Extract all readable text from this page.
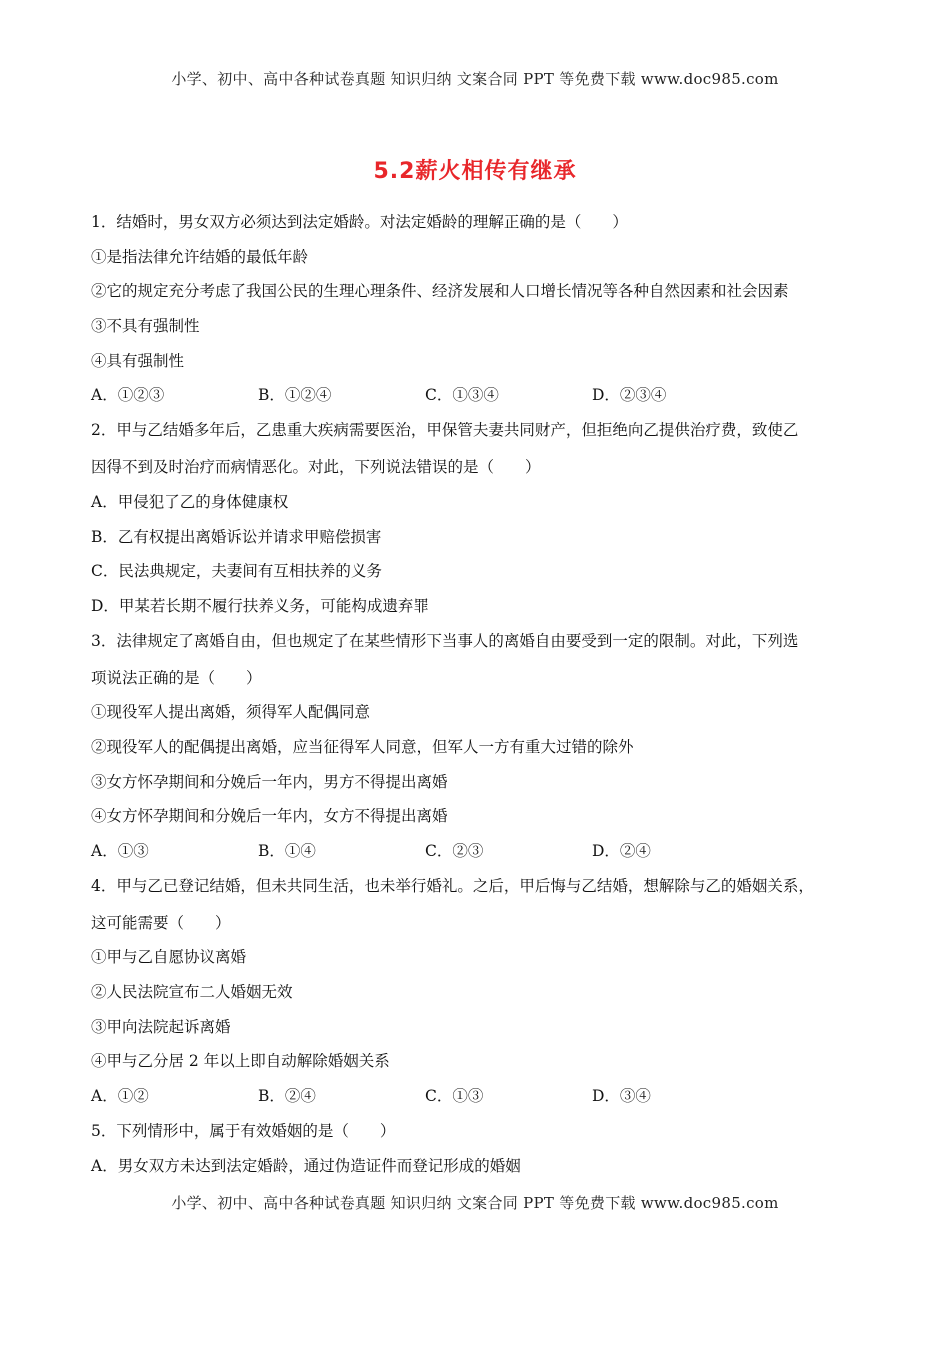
小学、初中、高中各种试卷真题 知识归纳 文案合同 PPT 等免费下载 www.doc985.com
5.2薪火相传有继承
1．结婚时，男女双方必须达到法定婚龄。对法定婚龄的理解正确的是（　　）
①是指法律允许结婚的最低年龄
②它的规定充分考虑了我国公民的生理心理条件、经济发展和人口增长情况等各种自然因素和社会因素
③不具有强制性
④具有强制性
A．①②③	B．①②④	C．①③④	D．②③④
2．甲与乙结婚多年后，乙患重大疾病需要医治，甲保管夫妻共同财产，但拒绝向乙提供治疗费，致使乙
因得不到及时治疗而病情恶化。对此，下列说法错误的是（　　）
A．甲侵犯了乙的身体健康权
B．乙有权提出离婚诉讼并请求甲赔偿损害
C．民法典规定，夫妻间有互相扶养的义务
D．甲某若长期不履行扶养义务，可能构成遗弃罪
3．法律规定了离婚自由，但也规定了在某些情形下当事人的离婚自由要受到一定的限制。对此，下列选
项说法正确的是（　　）
①现役军人提出离婚，须得军人配偶同意
②现役军人的配偶提出离婚，应当征得军人同意，但军人一方有重大过错的除外
③女方怀孕期间和分娩后一年内，男方不得提出离婚
④女方怀孕期间和分娩后一年内，女方不得提出离婚
A．①③	B．①④	C．②③	D．②④
4．甲与乙已登记结婚，但未共同生活，也未举行婚礼。之后，甲后悔与乙结婚，想解除与乙的婚姻关系，
这可能需要（　　）
①甲与乙自愿协议离婚
②人民法院宣布二人婚姻无效
③甲向法院起诉离婚
④甲与乙分居 2 年以上即自动解除婚姻关系
A．①②	B．②④	C．①③	D．③④
5．下列情形中，属于有效婚姻的是（　　）
A．男女双方未达到法定婚龄，通过伪造证件而登记形成的婚姻
小学、初中、高中各种试卷真题 知识归纳 文案合同 PPT 等免费下载 www.doc985.com
